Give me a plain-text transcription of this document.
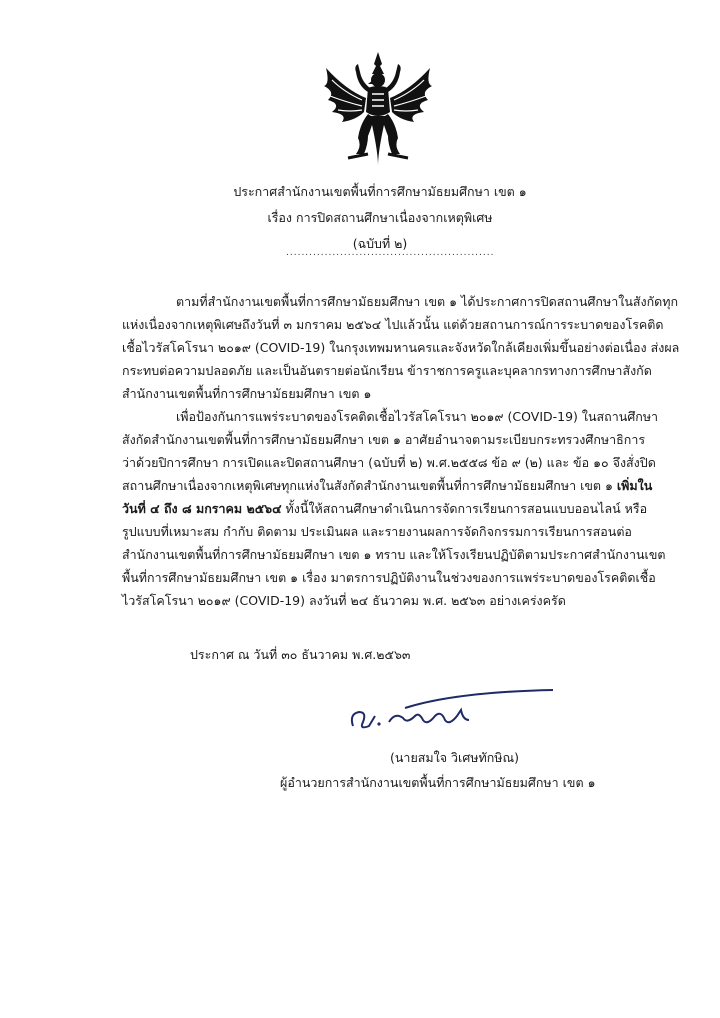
ประกาศสำนักงานเขตพื้นที่การศึกษามัธยมศึกษา เขต ๑
เรื่อง การปิดสถานศึกษาเนื่องจากเหตุพิเศษ
(ฉบับที่ ๒)
......................................................
ตามที่สำนักงานเขตพื้นที่การศึกษามัธยมศึกษา เขต ๑ ได้ประกาศการปิดสถานศึกษาในสังกัดทุก
แห่งเนื่องจากเหตุพิเศษถึงวันที่ ๓ มกราคม ๒๕๖๔ ไปแล้วนั้น แต่ด้วยสถานการณ์การระบาดของโรคติด
เชื้อไวรัสโคโรนา ๒๐๑๙ (COVID-19) ในกรุงเทพมหานครและจังหวัดใกล้เคียงเพิ่มขึ้นอย่างต่อเนื่อง ส่งผล
กระทบต่อความปลอดภัย และเป็นอันตรายต่อนักเรียน ข้าราชการครูและบุคลากรทางการศึกษาสังกัด
สำนักงานเขตพื้นที่การศึกษามัธยมศึกษา เขต ๑
เพื่อป้องกันการแพร่ระบาดของโรคติดเชื้อไวรัสโคโรนา ๒๐๑๙ (COVID-19) ในสถานศึกษา
สังกัดสำนักงานเขตพื้นที่การศึกษามัธยมศึกษา เขต ๑ อาศัยอำนาจตามระเบียบกระทรวงศึกษาธิการ
ว่าด้วยปิการศึกษา การเปิดและปิดสถานศึกษา (ฉบับที่ ๒) พ.ศ.๒๕๕๘ ข้อ ๙ (๒) และ ข้อ ๑๐ จึงสั่งปิด
สถานศึกษาเนื่องจากเหตุพิเศษทุกแห่งในสังกัดสำนักงานเขตพื้นที่การศึกษามัธยมศึกษา เขต ๑ เพิ่มใน
วันที่ ๔ ถึง ๘ มกราคม ๒๕๖๔ ทั้งนี้ให้สถานศึกษาดำเนินการจัดการเรียนการสอนแบบออนไลน์ หรือ
รูปแบบที่เหมาะสม กำกับ ติดตาม ประเมินผล และรายงานผลการจัดกิจกรรมการเรียนการสอนต่อ
สำนักงานเขตพื้นที่การศึกษามัธยมศึกษา เขต ๑ ทราบ และให้โรงเรียนปฏิบัติตามประกาศสำนักงานเขต
พื้นที่การศึกษามัธยมศึกษา เขต ๑ เรื่อง มาตรการปฏิบัติงานในช่วงของการแพร่ระบาดของโรคติดเชื้อ
ไวรัสโคโรนา ๒๐๑๙ (COVID-19) ลงวันที่ ๒๔ ธันวาคม พ.ศ. ๒๕๖๓ อย่างเคร่งครัด
ประกาศ ณ วันที่ ๓๐ ธันวาคม พ.ศ.๒๕๖๓
(นายสมใจ วิเศษทักษิณ)
ผู้อำนวยการสำนักงานเขตพื้นที่การศึกษามัธยมศึกษา เขต ๑
